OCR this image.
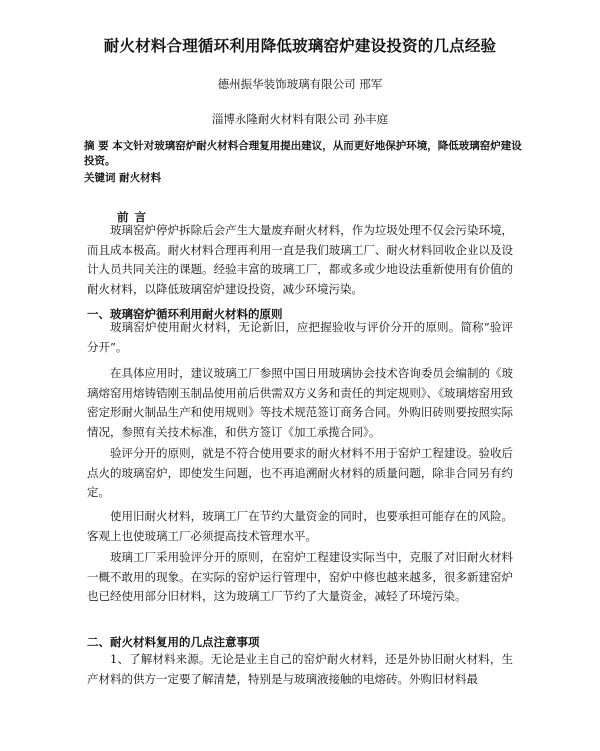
耐火材料合理循环利用降低玻璃窑炉建设投资的几点经验
德州振华装饰玻璃有限公司 邢军
淄博永隆耐火材料有限公司 孙丰庭
摘 要 本文针对玻璃窑炉耐火材料合理复用提出建议，从而更好地保护环境，降低玻璃窑炉建设投资。
关键词 耐火材料
前言

玻璃窑炉停炉拆除后会产生大量废弃耐火材料，作为垃圾处理不仅会污染环境，而且成本极高。耐火材料合理再利用一直是我们玻璃工厂、耐火材料回收企业以及设计人员共同关注的课题。经验丰富的玻璃工厂，都或多或少地设法重新使用有价值的耐火材料，以降低玻璃窑炉建设投资，减少环境污染。

一、玻璃窑炉循环利用耐火材料的原则

玻璃窑炉使用耐火材料，无论新旧，应把握验收与评价分开的原则。简称“验评分开”。

在具体应用时，建议玻璃工厂参照中国日用玻璃协会技术咨询委员会编制的《玻璃熔窑用熔铸锆刚玉制品使用前后供需双方义务和责任的判定规则》、《玻璃熔窑用致密定形耐火制品生产和使用规则》等技术规范签订商务合同。外购旧砖则要按照实际情况，参照有关技术标准，和供方签订《加工承揽合同》。

验评分开的原则，就是不符合使用要求的耐火材料不用于窑炉工程建设。验收后点火的玻璃窑炉，即使发生问题，也不再追溯耐火材料的质量问题，除非合同另有约定。

使用旧耐火材料，玻璃工厂在节约大量资金的同时，也要承担可能存在的风险。客观上也使玻璃工厂必须提高技术管理水平。

玻璃工厂采用验评分开的原则，在窑炉工程建设实际当中，克服了对旧耐火材料一概不敢用的现象。在实际的窑炉运行管理中，窑炉中修也越来越多，很多新建窑炉也已经使用部分旧材料，这为玻璃工厂节约了大量资金，减轻了环境污染。

二、耐火材料复用的几点注意事项

1、了解材料来源。无论是业主自己的窑炉耐火材料，还是外协旧耐火材料，生产材料的供方一定要了解清楚，特别是与玻璃液接触的电熔砖。外购旧材料最
